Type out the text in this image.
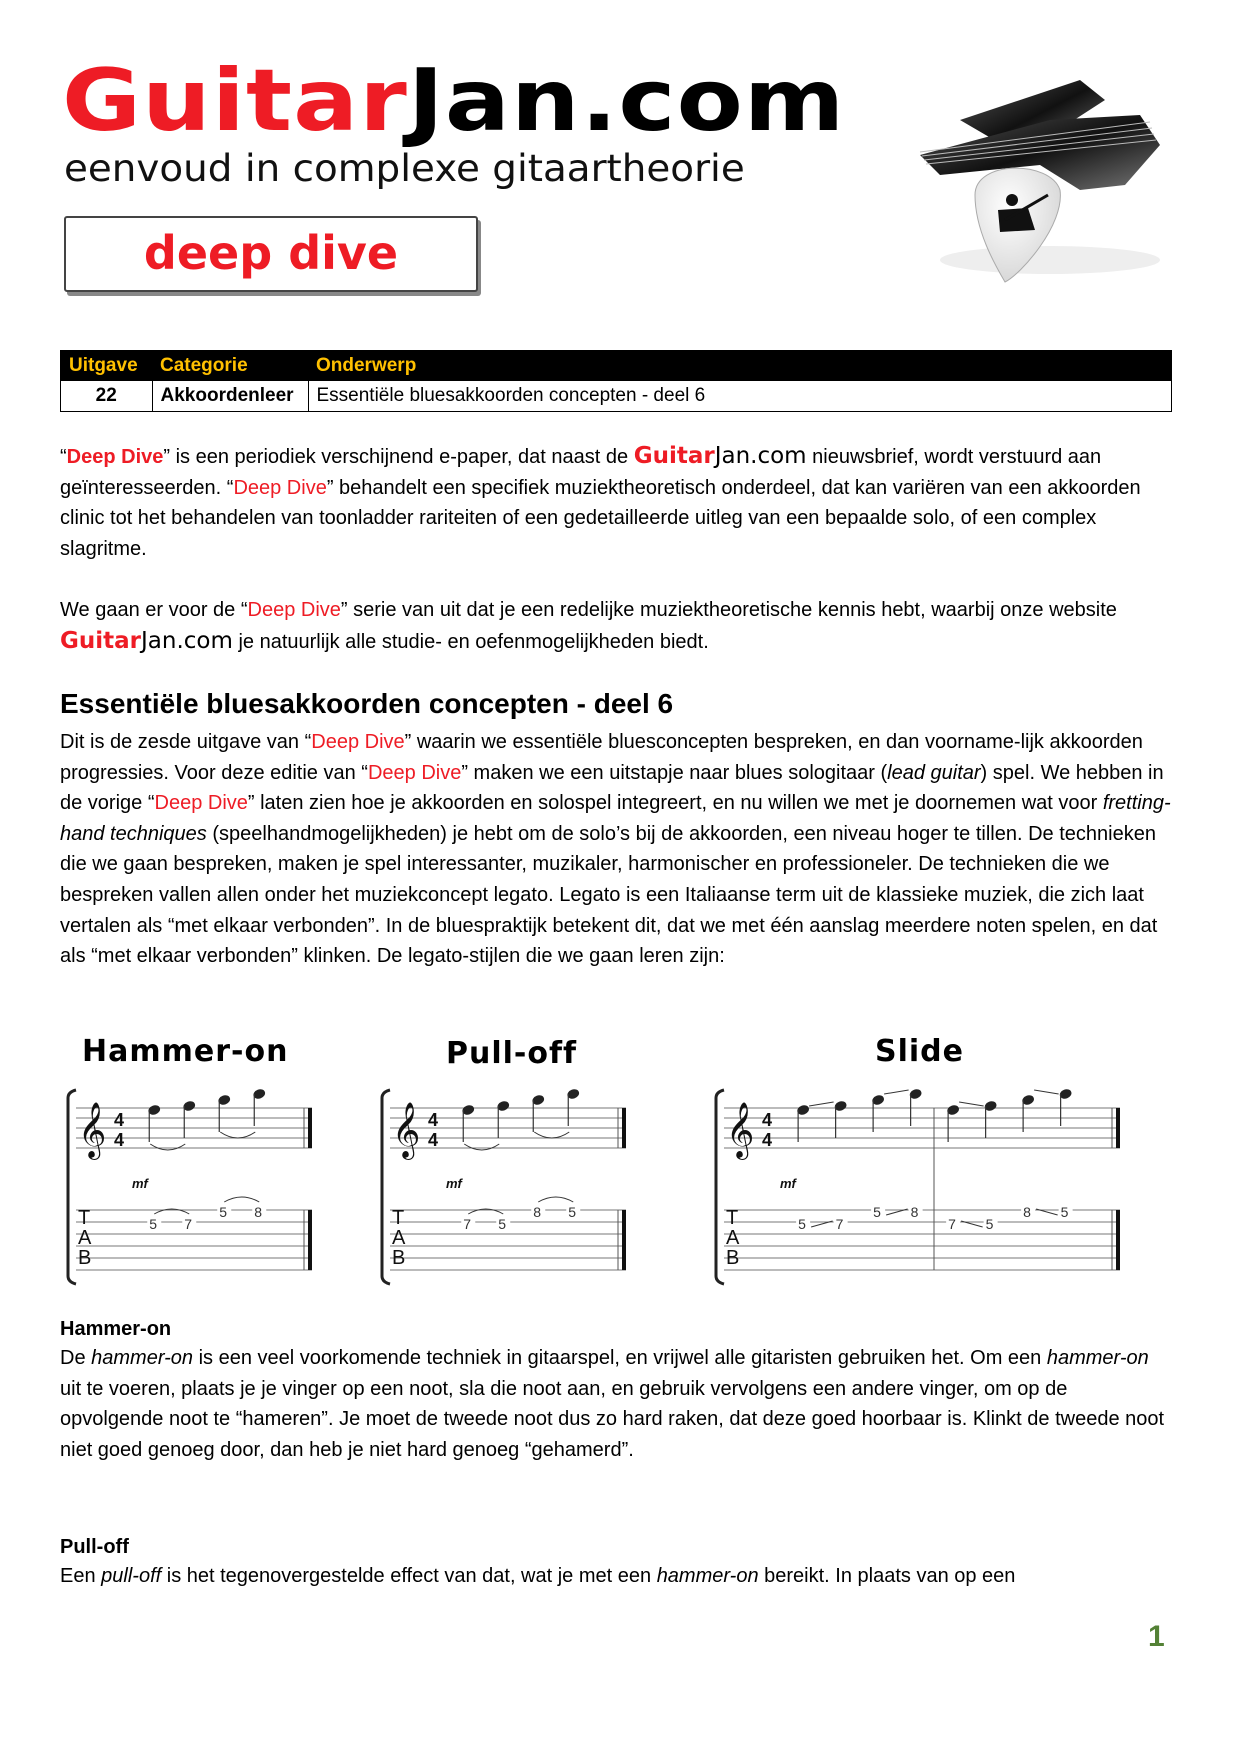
GuitarJan.com
eenvoud in complexe gitaartheorie
deep dive
Uitgave	Categorie	Onderwerp
22	Akkoordenleer	Essentiële bluesakkoorden concepten - deel 6
“Deep Dive” is een periodiek verschijnend e-paper, dat naast de GuitarJan.com nieuwsbrief, wordt verstuurd aan geïnteresseerden. “Deep Dive” behandelt een specifiek muziektheoretisch onderdeel, dat kan variëren van een akkoorden clinic tot het behandelen van toonladder rariteiten of een gedetailleerde uitleg van een bepaalde solo, of een complex slagritme.
We gaan er voor de “Deep Dive” serie van uit dat je een redelijke muziektheoretische kennis hebt, waarbij onze website GuitarJan.com je natuurlijk alle studie- en oefenmogelijkheden biedt.
Essentiële bluesakkoorden concepten - deel 6
Dit is de zesde uitgave van “Deep Dive” waarin we essentiële bluesconcepten bespreken, en dan voorname-lijk akkoorden progressies. Voor deze editie van “Deep Dive” maken we een uitstapje naar blues sologitaar (lead guitar) spel. We hebben in de vorige “Deep Dive” laten zien hoe je akkoorden en solospel integreert, en nu willen we met je doornemen wat voor fretting-hand techniques (speelhandmogelijkheden) je hebt om de solo’s bij de akkoorden, een niveau hoger te tillen. De technieken die we gaan bespreken, maken je spel interessanter, muzikaler, harmonischer en professioneler. De technieken die we bespreken vallen allen onder het muziekconcept legato. Legato is een Italiaanse term uit de klassieke muziek, die zich laat vertalen als “met elkaar verbonden”. In de bluespraktijk betekent dit, dat we met één aanslag meerdere noten spelen, en dat als “met elkaar verbonden” klinken. De legato-stijlen die we gaan leren zijn:
Hammer-on
𝄞 4
4
T
A
B
mf
5 7
5 8
Pull-off
𝄞 4
4
T
A
B
mf
7 5
8 5
Slide
𝄞 4
4
T
A
B
mf
5 7
5 8
7 5
8 5
Hammer-on
De hammer-on is een veel voorkomende techniek in gitaarspel, en vrijwel alle gitaristen gebruiken het. Om een hammer-on uit te voeren, plaats je je vinger op een noot, sla die noot aan, en gebruik vervolgens een andere vinger, om op de opvolgende noot te “hameren”. Je moet de tweede noot dus zo hard raken, dat deze goed hoorbaar is. Klinkt de tweede noot niet goed genoeg door, dan heb je niet hard genoeg “gehamerd”.
Pull-off
Een pull-off is het tegenovergestelde effect van dat, wat je met een hammer-on bereikt. In plaats van op een
1
